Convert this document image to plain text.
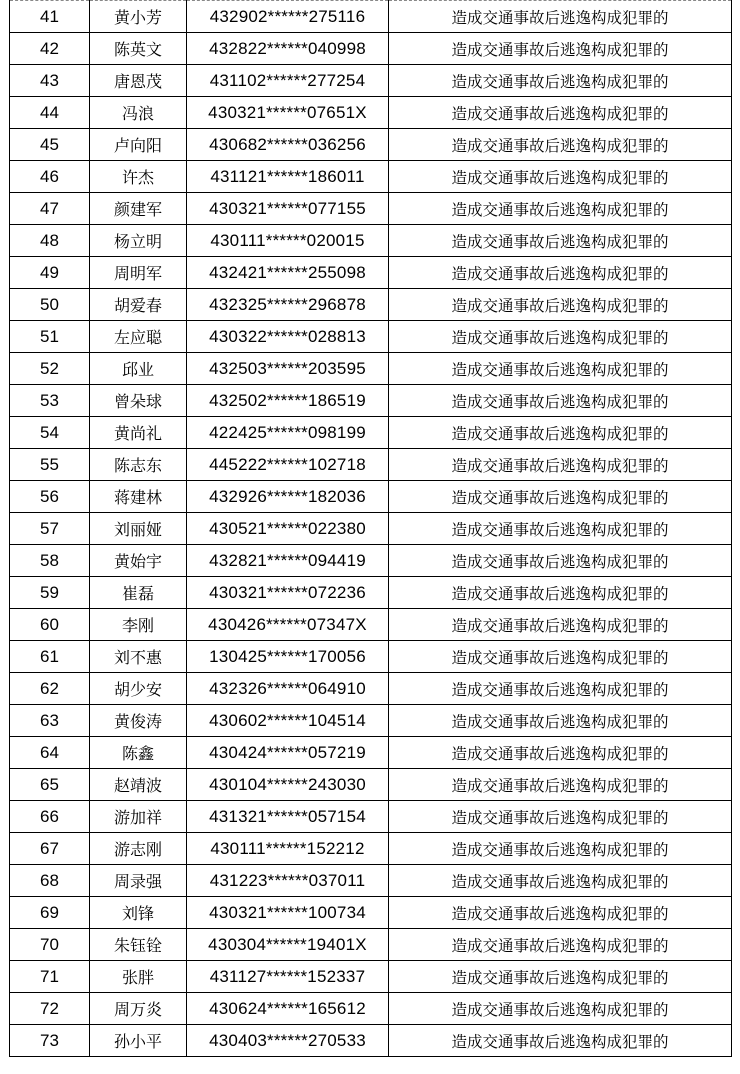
41	黄小芳	432902******275116	造成交通事故后逃逸构成犯罪的
42	陈英文	432822******040998	造成交通事故后逃逸构成犯罪的
43	唐恩茂	431102******277254	造成交通事故后逃逸构成犯罪的
44	冯浪	430321******07651X	造成交通事故后逃逸构成犯罪的
45	卢向阳	430682******036256	造成交通事故后逃逸构成犯罪的
46	许杰	431121******186011	造成交通事故后逃逸构成犯罪的
47	颜建军	430321******077155	造成交通事故后逃逸构成犯罪的
48	杨立明	430111******020015	造成交通事故后逃逸构成犯罪的
49	周明军	432421******255098	造成交通事故后逃逸构成犯罪的
50	胡爱春	432325******296878	造成交通事故后逃逸构成犯罪的
51	左应聪	430322******028813	造成交通事故后逃逸构成犯罪的
52	邱业	432503******203595	造成交通事故后逃逸构成犯罪的
53	曾朵球	432502******186519	造成交通事故后逃逸构成犯罪的
54	黄尚礼	422425******098199	造成交通事故后逃逸构成犯罪的
55	陈志东	445222******102718	造成交通事故后逃逸构成犯罪的
56	蒋建林	432926******182036	造成交通事故后逃逸构成犯罪的
57	刘丽娅	430521******022380	造成交通事故后逃逸构成犯罪的
58	黄始宇	432821******094419	造成交通事故后逃逸构成犯罪的
59	崔磊	430321******072236	造成交通事故后逃逸构成犯罪的
60	李刚	430426******07347X	造成交通事故后逃逸构成犯罪的
61	刘不惠	130425******170056	造成交通事故后逃逸构成犯罪的
62	胡少安	432326******064910	造成交通事故后逃逸构成犯罪的
63	黄俊涛	430602******104514	造成交通事故后逃逸构成犯罪的
64	陈鑫	430424******057219	造成交通事故后逃逸构成犯罪的
65	赵靖波	430104******243030	造成交通事故后逃逸构成犯罪的
66	游加祥	431321******057154	造成交通事故后逃逸构成犯罪的
67	游志刚	430111******152212	造成交通事故后逃逸构成犯罪的
68	周录强	431223******037011	造成交通事故后逃逸构成犯罪的
69	刘锋	430321******100734	造成交通事故后逃逸构成犯罪的
70	朱钰铨	430304******19401X	造成交通事故后逃逸构成犯罪的
71	张胖	431127******152337	造成交通事故后逃逸构成犯罪的
72	周万炎	430624******165612	造成交通事故后逃逸构成犯罪的
73	孙小平	430403******270533	造成交通事故后逃逸构成犯罪的
